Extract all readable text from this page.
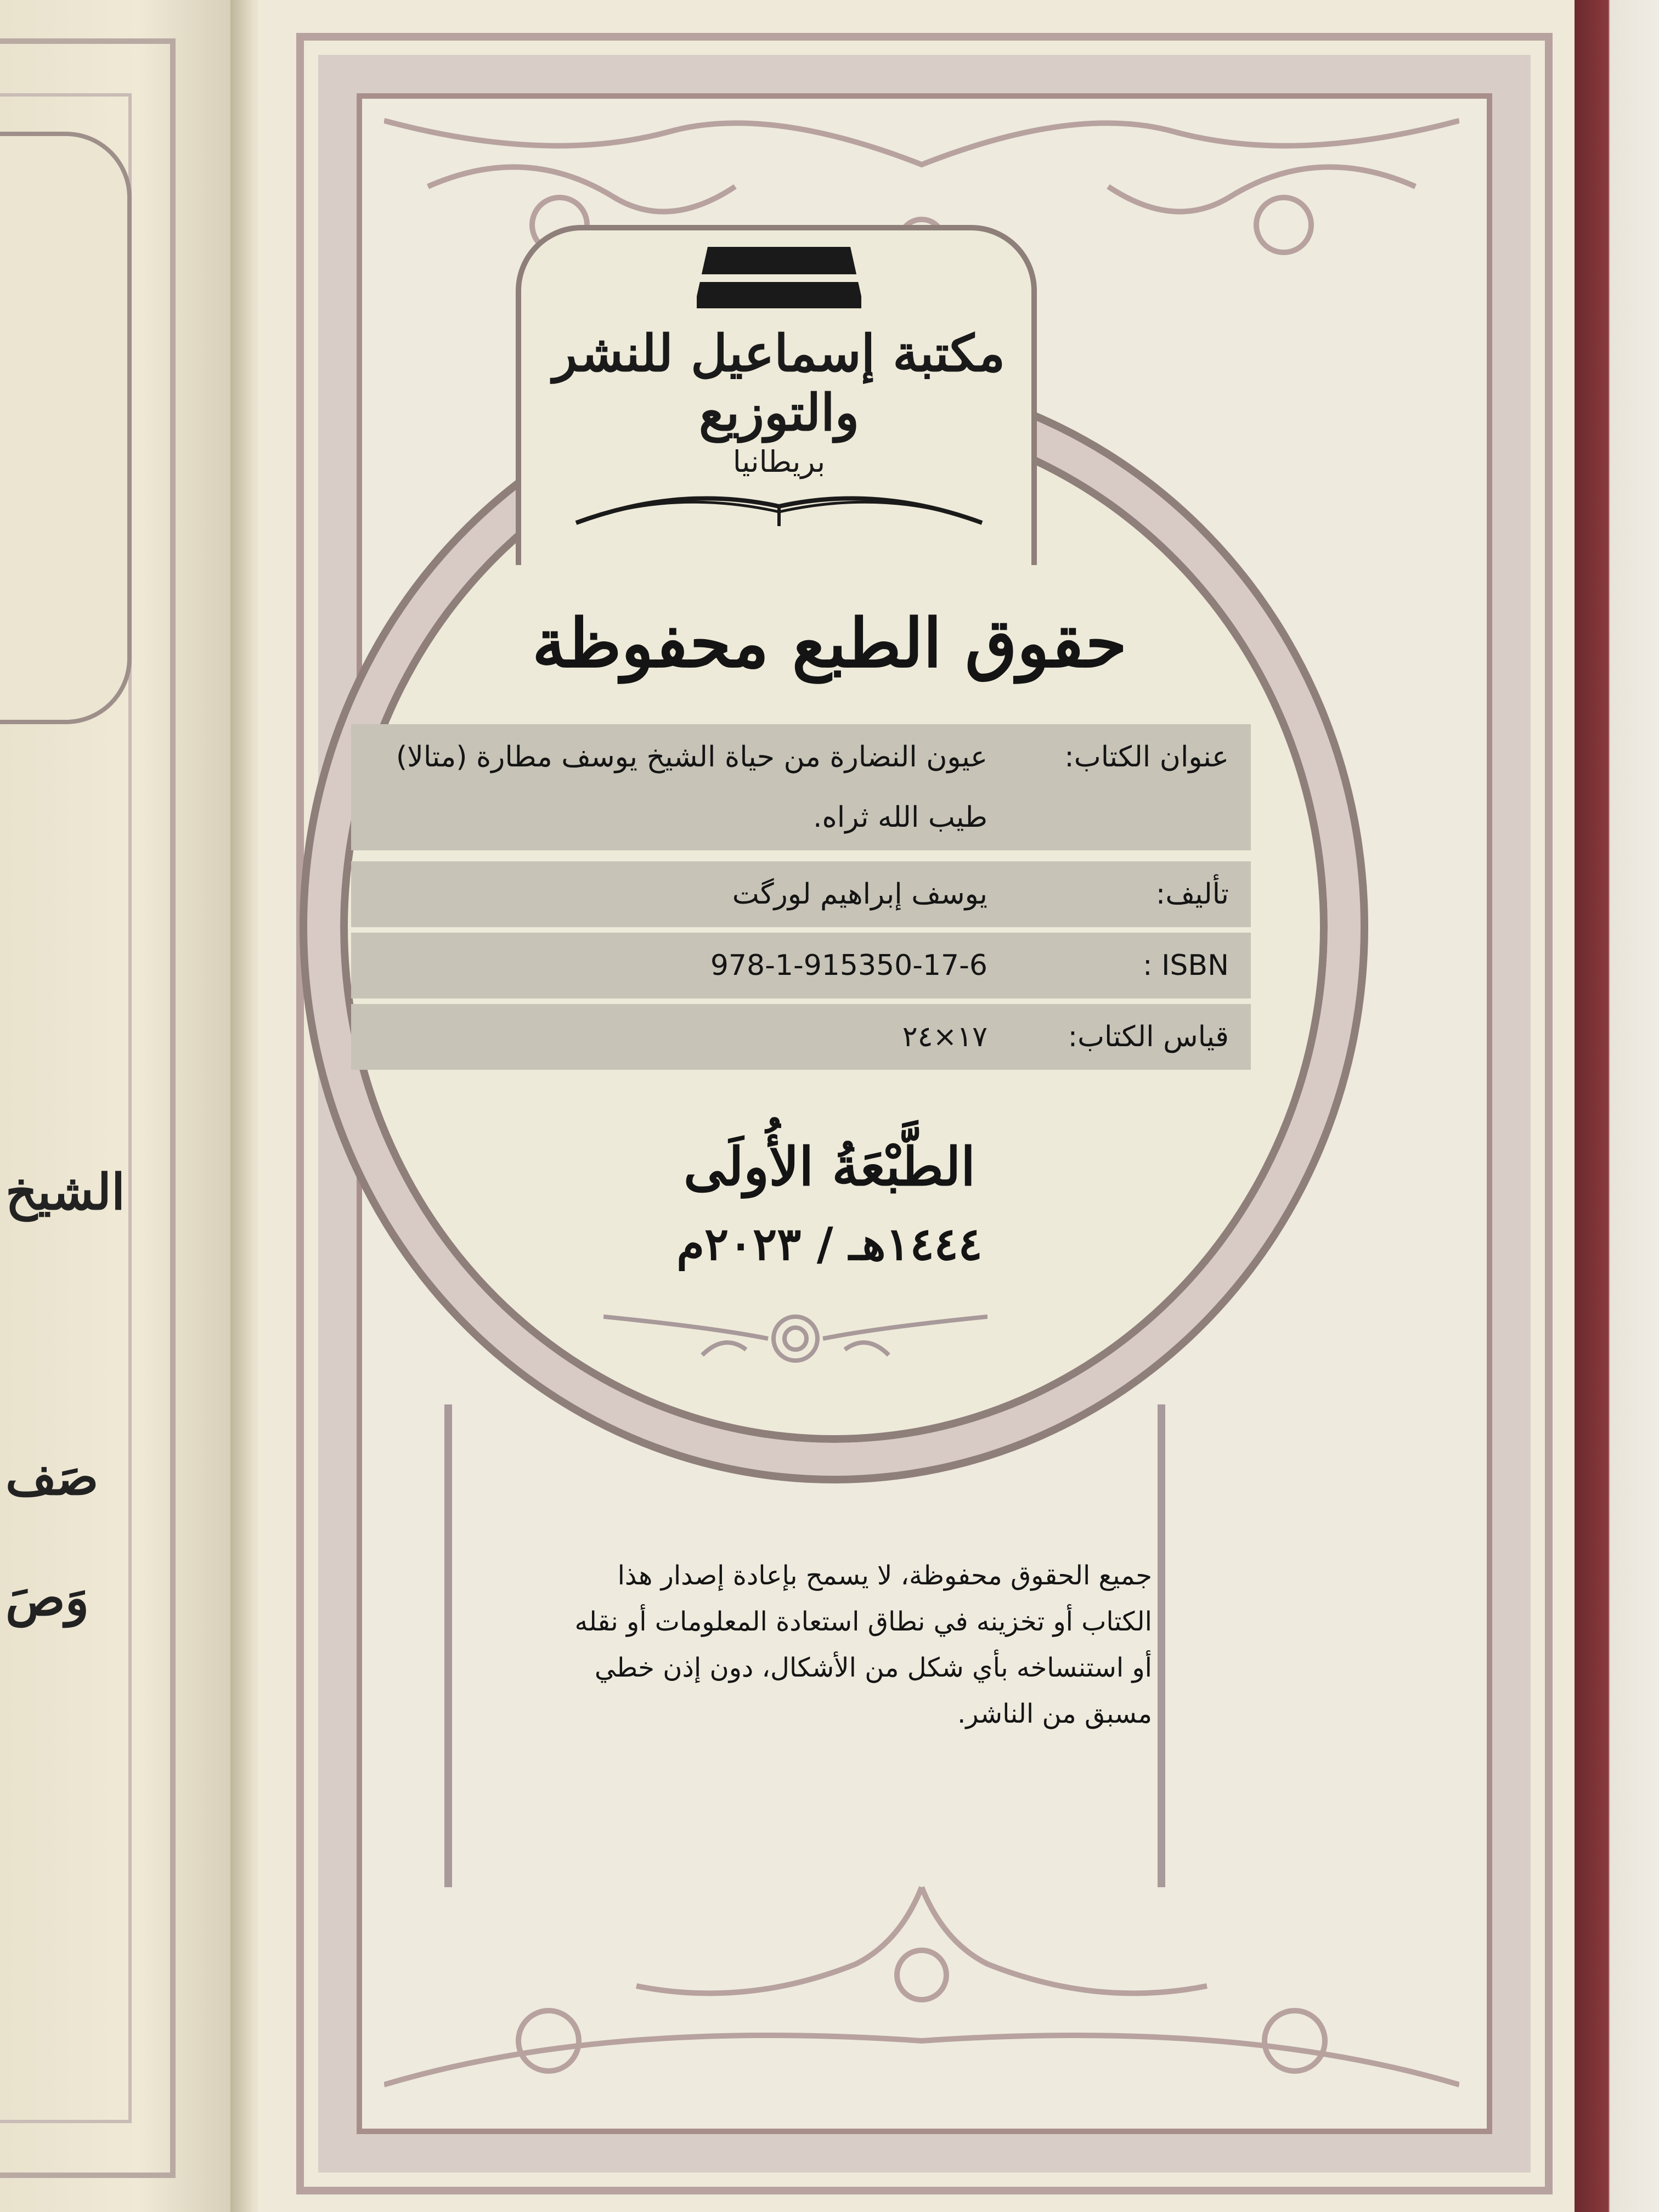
الشيخ
صَف
وَصَ
مكتبة إسماعيل للنشر والتوزيع
بريطانيا
حقوق الطبع محفوظة
عنوان الكتاب:
عيون النضارة من حياة الشيخ يوسف مطارة (متالا)
طيب الله ثراه.
تأليف:
يوسف إبراهيم لورگت
ISBN :
978-1-915350-17-6
قياس الكتاب:
١٧×٢٤
الطَّبْعَةُ الأُولَى
١٤٤٤هـ / ٢٠٢٣م
جميع الحقوق محفوظة، لا يسمح بإعادة إصدار هذا
الكتاب أو تخزينه في نطاق استعادة المعلومات أو نقله
أو استنساخه بأي شكل من الأشكال، دون إذن خطي
مسبق من الناشر.
